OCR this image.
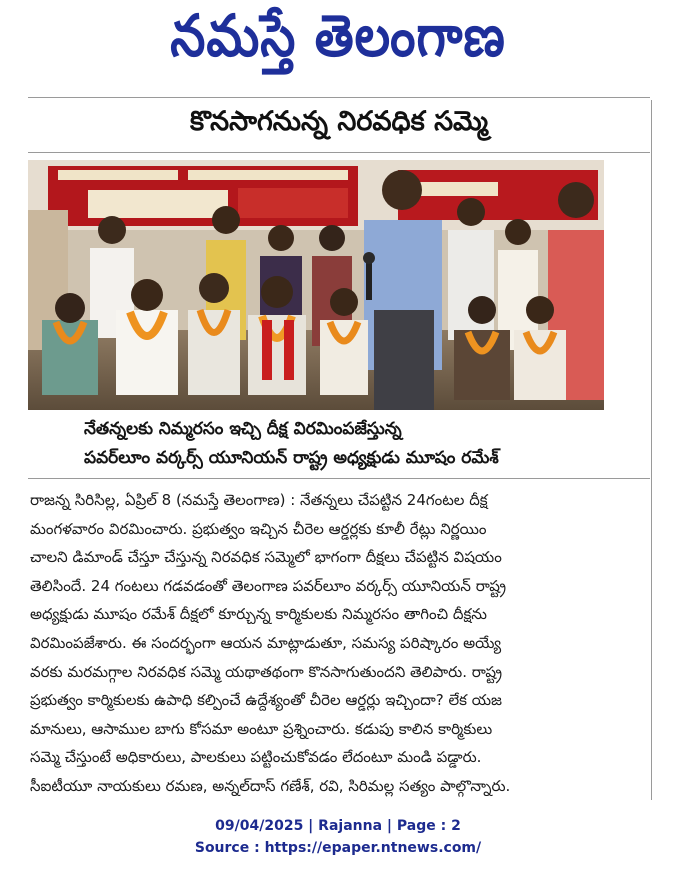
నమస్తే తెలంగాణ
కొనసాగనున్న నిరవధిక సమ్మె
నేతన్నలకు నిమ్మరసం ఇచ్చి దీక్ష విరమింపజేస్తున్న
పవర్‌లూం వర్కర్స్ యూనియన్ రాష్ట్ర అధ్యక్షుడు మూషం రమేశ్
రాజన్న సిరిసిల్ల, ఏప్రిల్ 8 (నమస్తే తెలంగాణ) : నేతన్నలు చేపట్టిన 24గంటల దీక్ష
మంగళవారం విరమించారు. ప్రభుత్వం ఇచ్చిన చీరెల ఆర్డర్లకు కూలీ రేట్లు నిర్ణయిం
చాలని డిమాండ్ చేస్తూ చేస్తున్న నిరవధిక సమ్మెలో భాగంగా దీక్షలు చేపట్టిన విషయం
తెలిసిందే. 24 గంటలు గడవడంతో తెలంగాణ పవర్‌లూం వర్కర్స్ యూనియన్ రాష్ట్ర
అధ్యక్షుడు మూషం రమేశ్ దీక్షలో కూర్చున్న కార్మికులకు నిమ్మరసం తాగించి దీక్షను
విరమింపజేశారు. ఈ సందర్భంగా ఆయన మాట్లాడుతూ, సమస్య పరిష్కారం అయ్యే
వరకు మరమగ్గాల నిరవధిక సమ్మె యథాతథంగా కొనసాగుతుందని తెలిపారు. రాష్ట్ర
ప్రభుత్వం కార్మికులకు ఉపాధి కల్పించే ఉద్దేశ్యంతో చీరెల ఆర్డర్లు ఇచ్చిందా? లేక యజ
మానులు, ఆసాముల బాగు కోసమా అంటూ ప్రశ్నించారు. కడుపు కాలిన కార్మికులు
సమ్మె చేస్తుంటే అధికారులు, పాలకులు పట్టించుకోవడం లేదంటూ మండి పడ్డారు.
సీఐటీయూ నాయకులు రమణ, అన్నల్‌దాస్ గణేశ్, రవి, సిరిమల్ల సత్యం పాల్గొన్నారు.
09/04/2025 | Rajanna | Page : 2
Source : https://epaper.ntnews.com/
